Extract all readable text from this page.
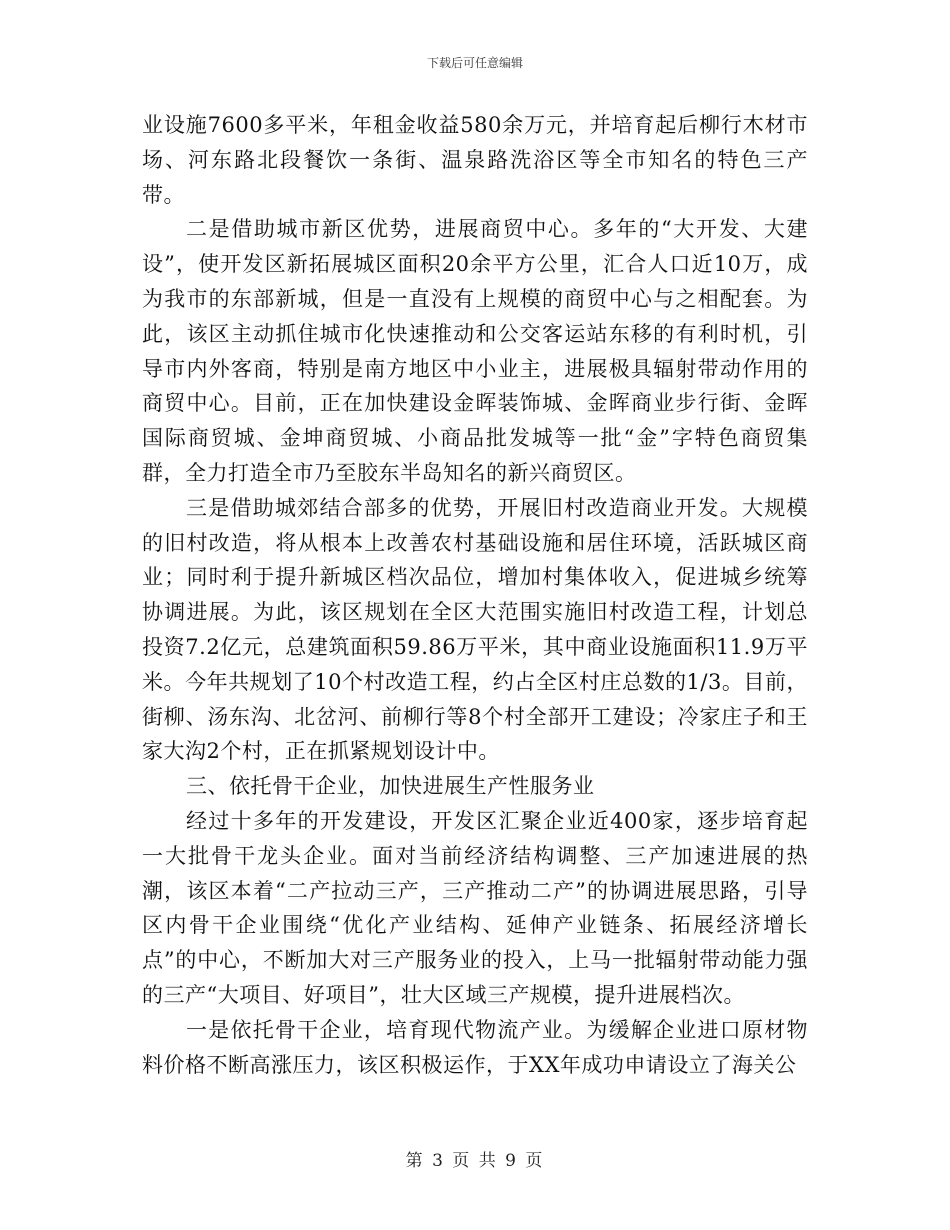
下载后可任意编辑

业设施7600多平米，年租金收益580余万元，并培育起后柳行木材市场、河东路北段餐饮一条街、温泉路洗浴区等全市知名的特色三产带。

二是借助城市新区优势，进展商贸中心。多年的“大开发、大建设”，使开发区新拓展城区面积20余平方公里，汇合人口近10万，成为我市的东部新城，但是一直没有上规模的商贸中心与之相配套。为此，该区主动抓住城市化快速推动和公交客运站东移的有利时机，引导市内外客商，特别是南方地区中小业主，进展极具辐射带动作用的商贸中心。目前，正在加快建设金晖装饰城、金晖商业步行街、金晖国际商贸城、金坤商贸城、小商品批发城等一批“金”字特色商贸集群，全力打造全市乃至胶东半岛知名的新兴商贸区。

三是借助城郊结合部多的优势，开展旧村改造商业开发。大规模的旧村改造，将从根本上改善农村基础设施和居住环境，活跃城区商业；同时利于提升新城区档次品位，增加村集体收入，促进城乡统筹协调进展。为此，该区规划在全区大范围实施旧村改造工程，计划总投资7.2亿元，总建筑面积59.86万平米，其中商业设施面积11.9万平米。今年共规划了10个村改造工程，约占全区村庄总数的1/3。目前，街柳、汤东沟、北岔河、前柳行等8个村全部开工建设；冷家庄子和王家大沟2个村，正在抓紧规划设计中。

三、依托骨干企业，加快进展生产性服务业

经过十多年的开发建设，开发区汇聚企业近400家，逐步培育起一大批骨干龙头企业。面对当前经济结构调整、三产加速进展的热潮，该区本着“二产拉动三产，三产推动二产”的协调进展思路，引导区内骨干企业围绕“优化产业结构、延伸产业链条、拓展经济增长点”的中心，不断加大对三产服务业的投入，上马一批辐射带动能力强的三产“大项目、好项目”，壮大区域三产规模，提升进展档次。

一是依托骨干企业，培育现代物流产业。为缓解企业进口原材物料价格不断高涨压力，该区积极运作，于XX年成功申请设立了海关公

第 3 页 共 9 页
